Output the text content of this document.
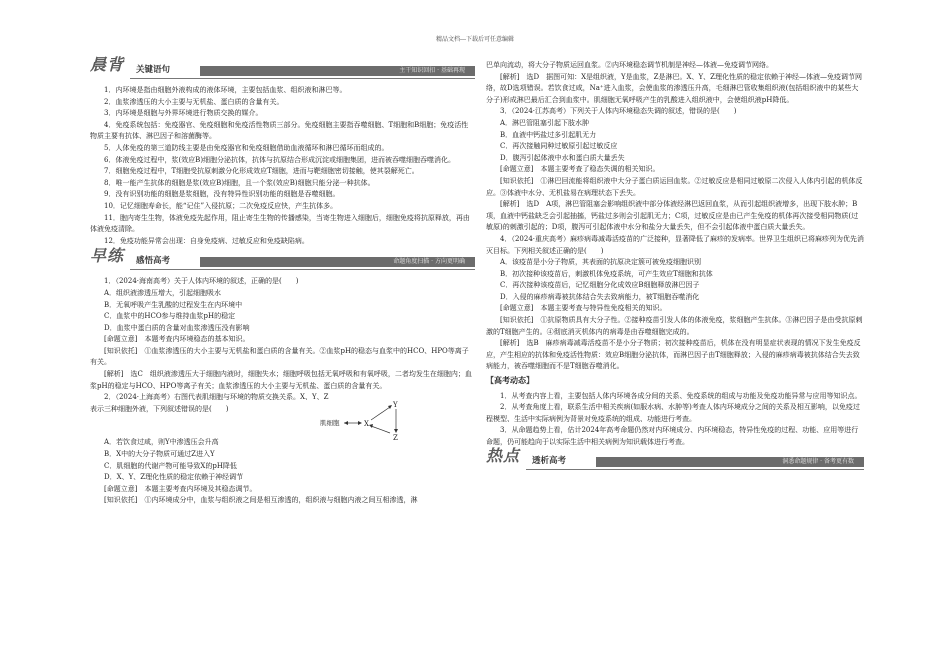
精品文档---下载后可任意编辑
晨背 关键语句	主干知识回扣 · 基础再现

1．内环境是指由细胞外液构成的液体环境，主要包括血浆、组织液和淋巴等。

2．血浆渗透压的大小主要与无机盐、蛋白质的含量有关。

3．内环境是细胞与外界环境进行物质交换的媒介。

4．免疫系统包括：免疫器官、免疫细胞和免疫活性物质三部分。免疫细胞主要指吞噬细胞、T细胞和B细胞；免疫活性物质主要有抗体、淋巴因子和溶菌酶等。

5．人体免疫的第三道防线主要是由免疫器官和免疫细胞借助血液循环和淋巴循环而组成的。

6．体液免疫过程中，浆(效应B)细胞分泌抗体，抗体与抗原结合形成沉淀或细胞集团，进而被吞噬细胞吞噬消化。

7．细胞免疫过程中，T细胞受抗原刺激分化形成效应T细胞，进而与靶细胞密切接触，使其裂解死亡。

8．唯一能产生抗体的细胞是浆(效应B)细胞，且一个浆(效应B)细胞只能分泌一种抗体。

9．没有识别功能的细胞是浆细胞，没有特异性识别功能的细胞是吞噬细胞。

10．记忆细胞寿命长，能“记住”入侵抗原；二次免疫反应快，产生抗体多。

11．胞内寄生生物，体液免疫先起作用，阻止寄生生物的传播感染，当寄生物进入细胞后，细胞免疫将抗原释放，再由体液免疫清除。

12．免疫功能异常会出现：自身免疫病、过敏反应和免疫缺陷病。

早练 感悟高考	命题角度扫描 · 方向更明确

1．（2024·海南高考）关于人体内环境的叙述，正确的是(　　)

A．组织液渗透压增大，引起细胞吸水

B．无氧呼吸产生乳酸的过程发生在内环境中

C．血浆中的HCO参与维持血浆pH的稳定

D．血浆中蛋白质的含量对血浆渗透压没有影响

[命题立意]　本题考查内环境稳态的基本知识。

[知识依托]　①血浆渗透压的大小主要与无机盐和蛋白质的含量有关。②血浆pH的稳态与血浆中的HCO、HPO等离子有关。

[解析]　选C　组织液渗透压大于细胞内液时，细胞失水；细胞呼吸包括无氧呼吸和有氧呼吸，二者均发生在细胞内；血浆pH的稳定与HCO、HPO等离子有关；血浆渗透压的大小主要与无机盐、蛋白质的含量有关。

2．（2024·上海高考）右图代表肌细胞与环境的物质交换关系。X、Y、Z表示三种细胞外液，下列叙述错误的是(　　)

肌细胞	X
Y
Z

A．若饮食过咸，则Y中渗透压会升高

B．X中的大分子物质可通过Z进入Y

C．肌细胞的代谢产物可能导致X的pH降低

D．X、Y、Z理化性质的稳定依赖于神经调节

[命题立意]　本题主要考查内环境及其稳态调节。

[知识依托]　①内环境成分中，血浆与组织液之间是相互渗透的，组织液与细胞内液之间互相渗透，淋

巴单向流动，将大分子物质运回血浆。②内环境稳态调节机制是神经—体液—免疫调节网络。

[解析]　选D　据图可知：X是组织液，Y是血浆，Z是淋巴。X、Y、Z理化性质的稳定依赖于神经—体液—免疫调节网络，故D选项错误。若饮食过咸，Na⁺进入血浆，会使血浆的渗透压升高，毛细淋巴管收集组织液(包括组织液中的某些大分子)形成淋巴最后汇合到血浆中。肌细胞无氧呼吸产生的乳酸进入组织液中，会使组织液pH降低。

3．（2024·江苏高考）下列关于人体内环境稳态失调的叙述，错误的是(　　)

A．淋巴管阻塞引起下肢水肿

B．血液中钙盐过多引起肌无力

C．再次接触同种过敏原引起过敏反应

D．腹泻引起体液中水和蛋白质大量丢失

[命题立意]　本题主要考查了稳态失调的相关知识。

[知识依托]　①淋巴回流能将组织液中大分子蛋白质运回血浆。②过敏反应是相同过敏原二次侵入人体内引起的机体反应。③体液中水分、无机盐易在病理状态下丢失。

[解析]　选D　A项，淋巴管阻塞会影响组织液中部分体液经淋巴返回血浆，从而引起组织液增多，出现下肢水肿；B项，血液中钙盐缺乏会引起抽搐，钙盐过多则会引起肌无力；C项，过敏反应是由已产生免疫的机体再次接受相同物质(过敏原)的刺激引起的；D项，腹泻可引起体液中水分和盐分大量丢失，但不会引起体液中蛋白质大量丢失。

4．（2024·重庆高考）麻疹病毒减毒活疫苗的广泛接种，显著降低了麻疹的发病率。世界卫生组织已将麻疹列为优先消灭目标。下列相关叙述正确的是(　　)

A．该疫苗是小分子物质，其表面的抗原决定簇可被免疫细胞识别

B．初次接种该疫苗后，刺激机体免疫系统，可产生效应T细胞和抗体

C．再次接种该疫苗后，记忆细胞分化成效应B细胞释放淋巴因子

D．入侵的麻疹病毒被抗体结合失去致病能力，被T细胞吞噬消化

[命题立意]　本题主要考查与特异性免疫相关的知识。

[知识依托]　①抗原物质具有大分子性。②接种疫苗引发人体的体液免疫，浆细胞产生抗体。③淋巴因子是由受抗原刺激的T细胞产生的。④彻底消灭机体内的病毒是由吞噬细胞完成的。

[解析]　选B　麻疹病毒减毒活疫苗不是小分子物质；初次接种疫苗后，机体在没有明显症状表现的情况下发生免疫反应，产生相应的抗体和免疫活性物质：效应B细胞分泌抗体，而淋巴因子由T细胞释放；入侵的麻疹病毒被抗体结合失去致病能力，被吞噬细胞而不是T细胞吞噬消化。

【高考动态】

1．从考查内容上看，主要包括人体内环境各成分间的关系、免疫系统的组成与功能及免疫功能异常与应用等知识点。

2．从考查角度上看，联系生活中相关疾病(如服水病、水肿等)考查人体内环境成分之间的关系及相互影响，以免疫过程模型、生活中实际病例为背景对免疫系统的组成、功能进行考查。

3．从命题趋势上看，估计2024年高考命题仍然对内环境成分、内环境稳态，特异性免疫的过程、功能、应用等进行命题，仍可能趋向于以实际生活中相关病例为知识载体进行考查。

热点 透析高考	洞悉命题规律 · 备考更有数
